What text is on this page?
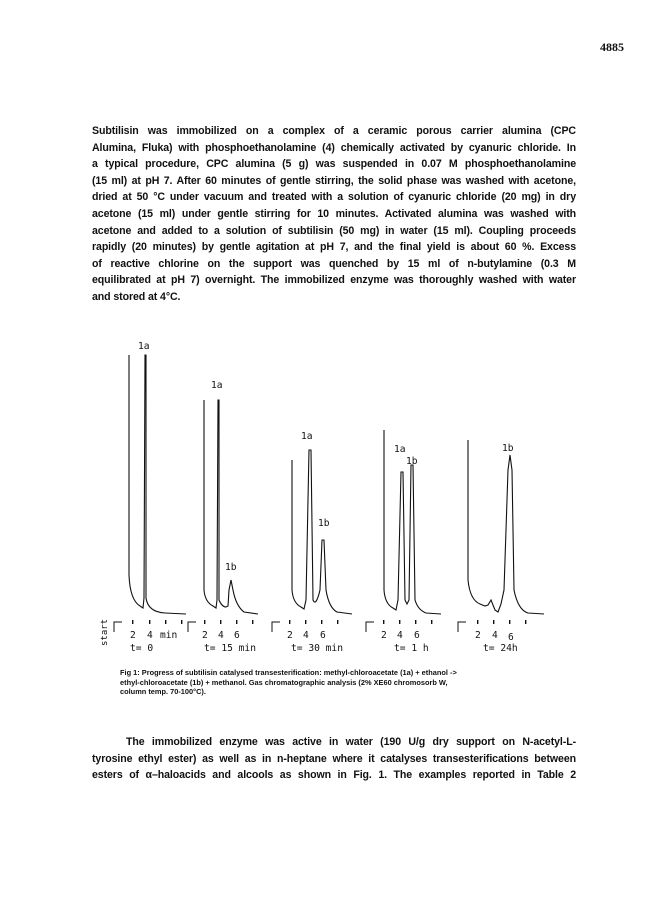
4885
Subtilisin was immobilized on a complex of a ceramic porous carrier alumina (CPC
Alumina, Fluka) with phosphoethanolamine (4) chemically activated by cyanuric chloride. In
a typical procedure, CPC alumina (5 g) was suspended in 0.07 M phosphoethanolamine
(15 ml) at pH 7. After 60 minutes of gentle stirring, the solid phase was washed with acetone,
dried at 50 °C under vacuum and treated with a solution of cyanuric chloride (20 mg) in dry
acetone (15 ml) under gentle stirring for 10 minutes. Activated alumina was washed with
acetone and added to a solution of subtilisin (50 mg) in water (15 ml). Coupling proceeds
rapidly (20 minutes) by gentle agitation at pH 7, and the final yield is about 60 %. Excess
of reactive chlorine on the support was quenched by 15 ml of n-butylamine (0.3 M
equilibrated at pH 7) overnight. The immobilized enzyme was thoroughly washed with water
and stored at 4°C.
start
1a
1a
1b
1a
1b
1a
1b
1b
2 4 min	2 4 6	2 4 6	2 4 6	2 4 6
t= 0	t= 15 min	t= 30 min	t= 1 h	t= 24h
Fig 1: Progress of subtilisin catalysed transesterification: methyl-chloroacetate (1a) + ethanol ->
ethyl-chloroacetate (1b) + methanol. Gas chromatographic analysis (2% XE60 chromosorb W,
column temp. 70-100°C).
The immobilized enzyme was active in water (190 U/g dry support on N-acetyl-L-
tyrosine ethyl ester) as well as in n-heptane where it catalyses transesterifications between
esters of α–haloacids and alcools as shown in Fig. 1. The examples reported in Table 2
